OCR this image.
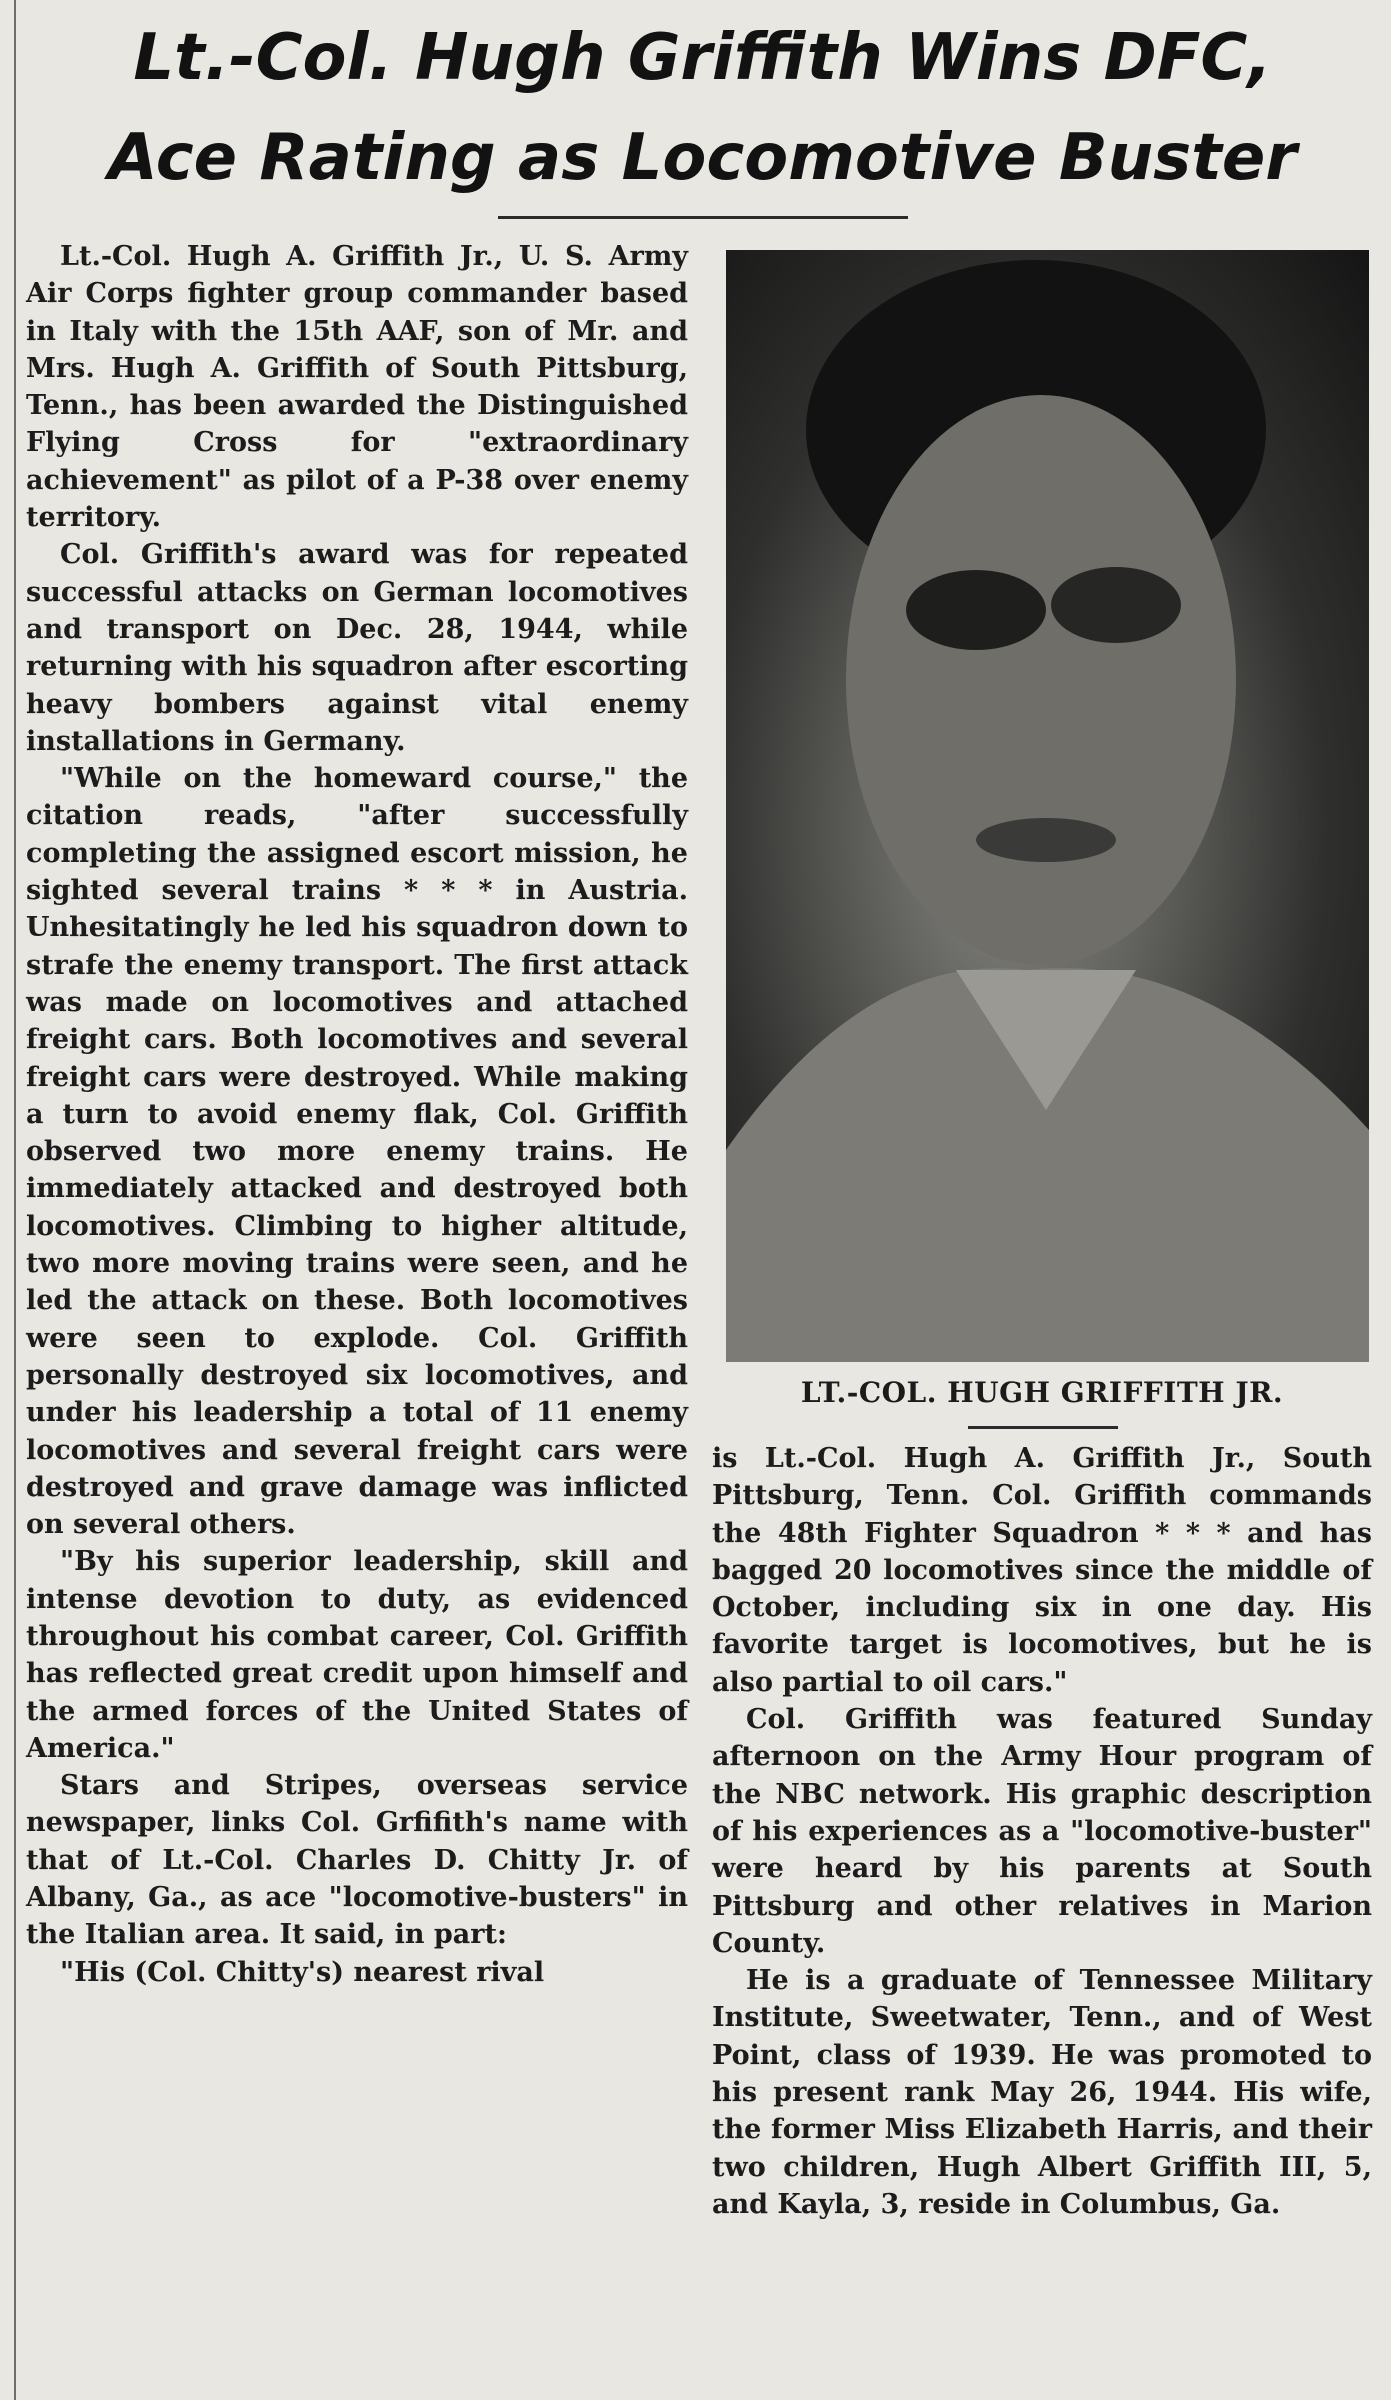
Lt.-Col. Hugh Griffith Wins DFC,
Ace Rating as Locomotive Buster

Lt.-Col. Hugh A. Griffith Jr., U. S. Army Air Corps fighter group commander based in Italy with the 15th AAF, son of Mr. and Mrs. Hugh A. Griffith of South Pittsburg, Tenn., has been awarded the Distinguished Flying Cross for "extraordinary achievement" as pilot of a P-38 over enemy territory.

Col. Griffith's award was for repeated successful attacks on German locomotives and transport on Dec. 28, 1944, while returning with his squadron after escorting heavy bombers against vital enemy installations in Germany.

"While on the homeward course," the citation reads, "after successfully completing the assigned escort mission, he sighted several trains * * * in Austria. Unhesitatingly he led his squadron down to strafe the enemy transport. The first attack was made on locomotives and attached freight cars. Both locomotives and several freight cars were destroyed. While making a turn to avoid enemy flak, Col. Griffith observed two more enemy trains. He immediately attacked and destroyed both locomotives. Climbing to higher altitude, two more moving trains were seen, and he led the attack on these. Both locomotives were seen to explode. Col. Griffith personally destroyed six locomotives, and under his leadership a total of 11 enemy locomotives and several freight cars were destroyed and grave damage was inflicted on several others.

"By his superior leadership, skill and intense devotion to duty, as evidenced throughout his combat career, Col. Griffith has reflected great credit upon himself and the armed forces of the United States of America."

Stars and Stripes, overseas service newspaper, links Col. Grfifith's name with that of Lt.-Col. Charles D. Chitty Jr. of Albany, Ga., as ace "locomotive-busters" in the Italian area. It said, in part:

"His (Col. Chitty's) nearest rival

LT.-COL. HUGH GRIFFITH JR.

is Lt.-Col. Hugh A. Griffith Jr., South Pittsburg, Tenn. Col. Griffith commands the 48th Fighter Squadron * * * and has bagged 20 locomotives since the middle of October, including six in one day. His favorite target is locomotives, but he is also partial to oil cars."

Col. Griffith was featured Sunday afternoon on the Army Hour program of the NBC network. His graphic description of his experiences as a "locomotive-buster" were heard by his parents at South Pittsburg and other relatives in Marion County.

He is a graduate of Tennessee Military Institute, Sweetwater, Tenn., and of West Point, class of 1939. He was promoted to his present rank May 26, 1944. His wife, the former Miss Elizabeth Harris, and their two children, Hugh Albert Griffith III, 5, and Kayla, 3, reside in Columbus, Ga.
